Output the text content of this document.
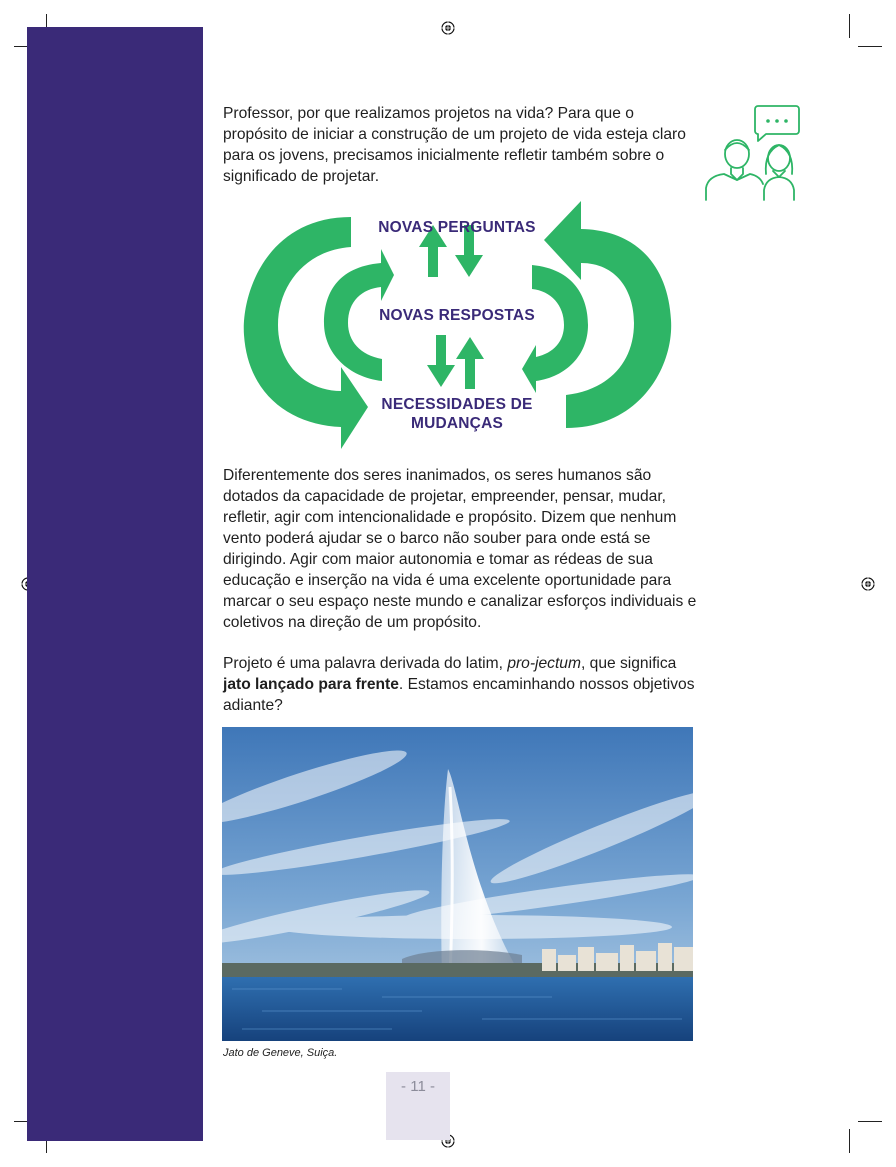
Professor, por que realizamos projetos na vida? Para que o propósito de iniciar a construção de um projeto de vida esteja claro para os jovens, precisamos inicialmente refletir também sobre o significado de projetar.

NOVAS PERGUNTAS
NOVAS RESPOSTAS
NECESSIDADES DE
MUDANÇAS

Diferentemente dos seres inanimados, os seres humanos são dotados da capacidade de projetar, empreender, pensar, mudar, refletir, agir com intencionalidade e propósito. Dizem que nenhum vento poderá ajudar se o barco não souber para onde está se dirigindo. Agir com maior autonomia e tomar as rédeas de sua educação e inserção na vida é uma excelente oportunidade para marcar o seu espaço neste mundo e canalizar esforços individuais e coletivos na direção de um propósito.

Projeto é uma palavra derivada do latim, pro-jectum, que significa jato lançado para frente. Estamos encaminhando nossos objetivos adiante?

Jato de Geneve, Suiça.

- 11 -
